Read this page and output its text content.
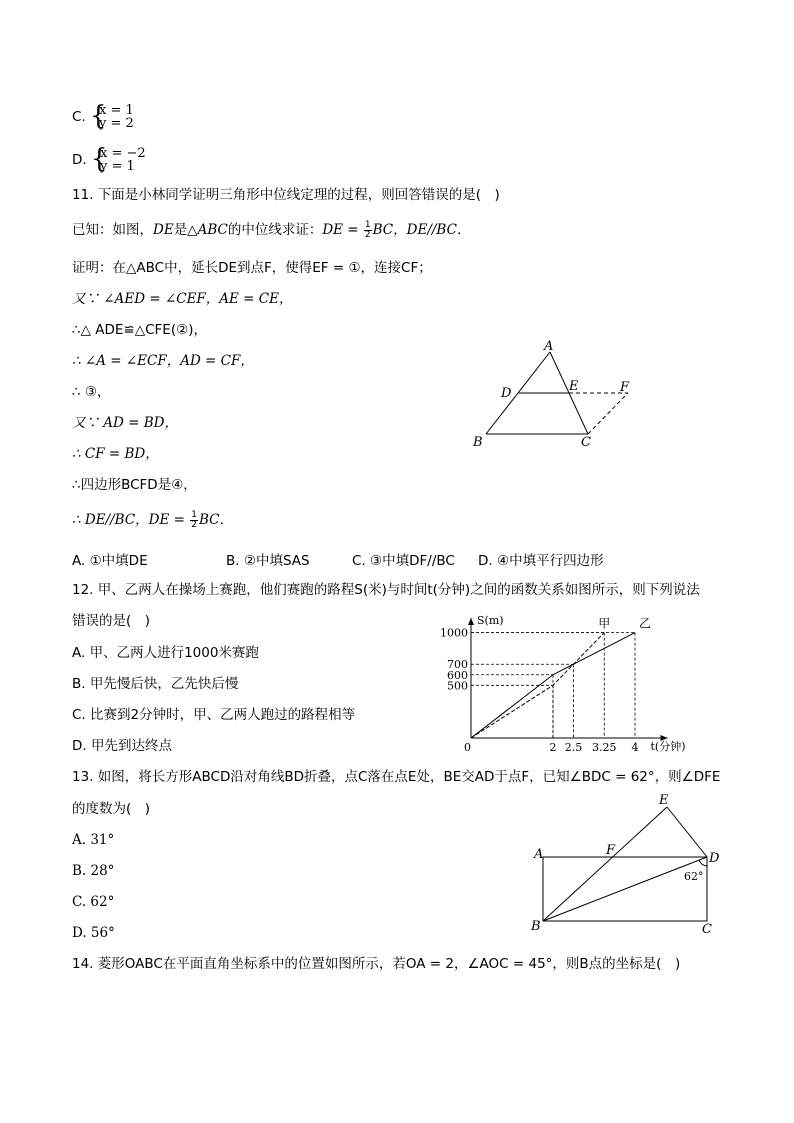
C. {
x = 1
y = 2
D. {
x = −2
y = 1
11. 下面是小林同学证明三角形中位线定理的过程，则回答错误的是(　)
已知：如图，DE是△ABC的中位线求证：DE = $\frac{1}{2}$ BC，DE//BC．
证明：在△ABC中，延长DE到点F，使得EF = ①，连接CF；
又∵ ∠AED = ∠CEF，AE = CE，
∴△ ADE≌△CFE(②)，
∴ ∠A = ∠ECF，AD = CF，
∴ ③，
又∵ AD = BD，
∴ CF = BD，
∴四边形BCFD是④，
∴ DE//BC，DE = $\frac{1}{2}$ BC．
A. ①中填DE	B. ②中填SAS	C. ③中填DF//BC D. ④中填平行四边形
A
D	E	F
B	C
12. 甲、乙两人在操场上赛跑，他们赛跑的路程S(米)与时间t(分钟)之间的函数关系如图所示，则下列说法
错误的是(　)
A. 甲、乙两人进行1000米赛跑
B. 甲先慢后快，乙先快后慢
C. 比赛到2分钟时，甲、乙两人跑过的路程相等
D. 甲先到达终点
S(m)
t(分钟)
500
600
700
1000
0	2 2.5 3.25 4
甲 乙
13. 如图，将长方形ABCD沿对角线BD折叠，点C落在点E处，BE交AD于点F，已知∠BDC = 62°，则∠DFE
的度数为(　)
A. 31°
B. 28°
C. 62°
D. 56°
E
A	F
D
62°
B	C
14. 菱形OABC在平面直角坐标系中的位置如图所示，若OA = 2，∠AOC = 45°，则B点的坐标是(　)
